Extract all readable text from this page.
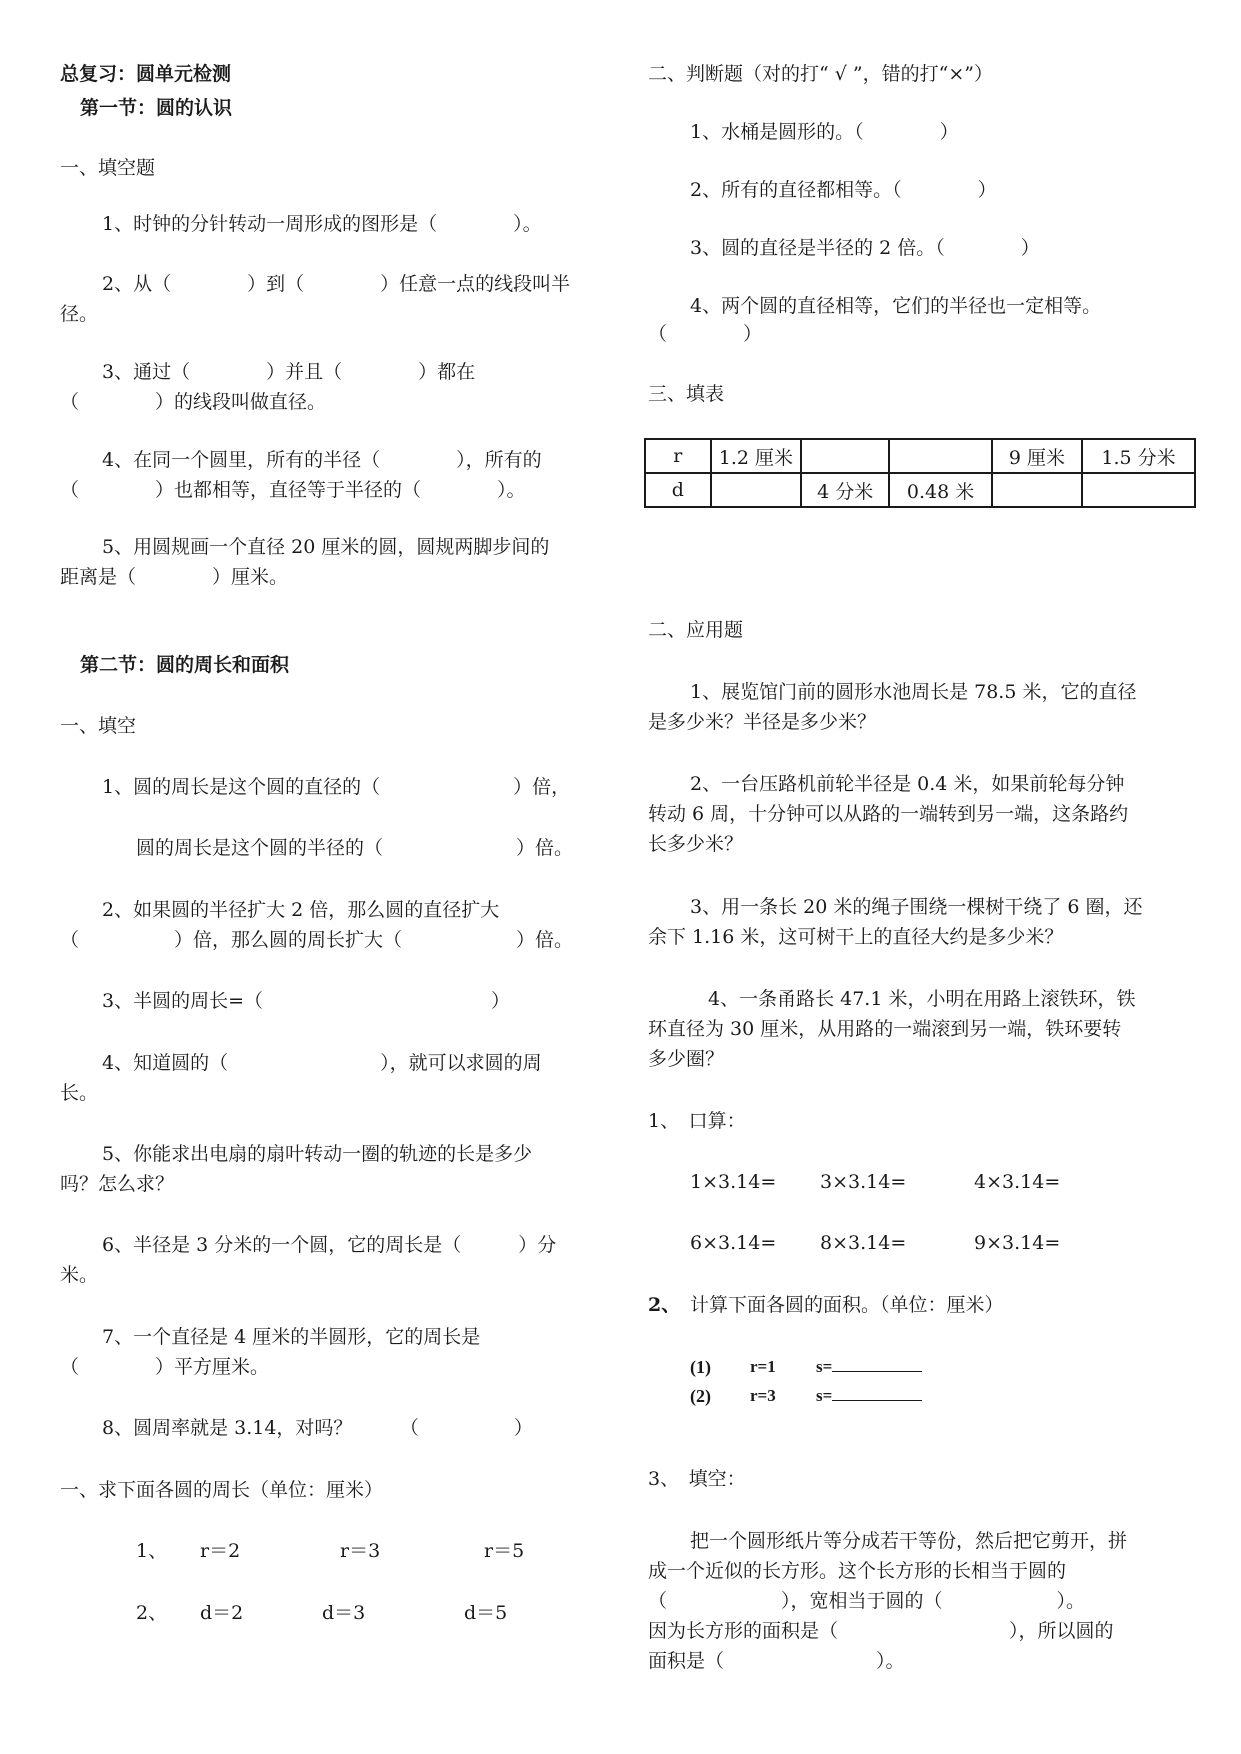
总复习：圆单元检测
第一节：圆的认识
一、填空题
1、时钟的分针转动一周形成的图形是（　　　　）。
2、从（　　　　）到（　　　　）任意一点的线段叫半
径。
3、通过（　　　　）并且（　　　　）都在
（　　　　）的线段叫做直径。
4、在同一个圆里，所有的半径（　　　　），所有的
（　　　　）也都相等，直径等于半径的（　　　　）。
5、用圆规画一个直径 20 厘米的圆，圆规两脚步间的
距离是（　　　　）厘米。
第二节：圆的周长和面积
一、填空
1、圆的周长是这个圆的直径的（　　　　　　　）倍，
圆的周长是这个圆的半径的（　　　　　　　）倍。
2、如果圆的半径扩大 2 倍，那么圆的直径扩大
（　　　　　）倍，那么圆的周长扩大（　　　　　　）倍。
3、半圆的周长=（　　　　　　　　　　　　）
4、知道圆的（　　　　　　　　），就可以求圆的周
长。
5、你能求出电扇的扇叶转动一圈的轨迹的长是多少
吗？怎么求？
6、半径是 3 分米的一个圆，它的周长是（　　　）分
米。
7、一个直径是 4 厘米的半圆形，它的周长是
（　　　　）平方厘米。
8、圆周率就是 3.14，对吗？　　　（　　　　　）
一、求下面各圆的周长（单位：厘米）
1、 r＝2	r＝3	r＝5
2、 d＝2	d＝3	d＝5
二、判断题（对的打“ √ ”，错的打“×”）
1、水桶是圆形的。（　　　　）
2、所有的直径都相等。（　　　　）
3、圆的直径是半径的 2 倍。（　　　　）
4、两个圆的直径相等，它们的半径也一定相等。
（　　　　）
三、填表
r	1.2 厘米			9 厘米	1.5 分米
d		4 分米	0.48 米		
二、应用题
1、展览馆门前的圆形水池周长是 78.5 米，它的直径
是多少米？半径是多少米？
2、一台压路机前轮半径是 0.4 米，如果前轮每分钟
转动 6 周，十分钟可以从路的一端转到另一端，这条路约
长多少米？
3、用一条长 20 米的绳子围绕一棵树干绕了 6 圈，还
余下 1.16 米，这可树干上的直径大约是多少米？
4、一条甬路长 47.1 米，小明在用路上滚铁环，铁
环直径为 30 厘米，从用路的一端滚到另一端，铁环要转
多少圈？
1、　口算：
1×3.14= 3×3.14=	4×3.14=
6×3.14= 8×3.14=	9×3.14=
2、 计算下面各圆的面积。（单位：厘米）
(1) r=1 s=
(2) r=3 s=
3、　填空：
把一个圆形纸片等分成若干等份，然后把它剪开，拼
成一个近似的长方形。这个长方形的长相当于圆的
（　　　　　　），宽相当于圆的（　　　　　　）。
因为长方形的面积是（　　　　　　　　　），所以圆的
面积是（　　　　　　　　）。
